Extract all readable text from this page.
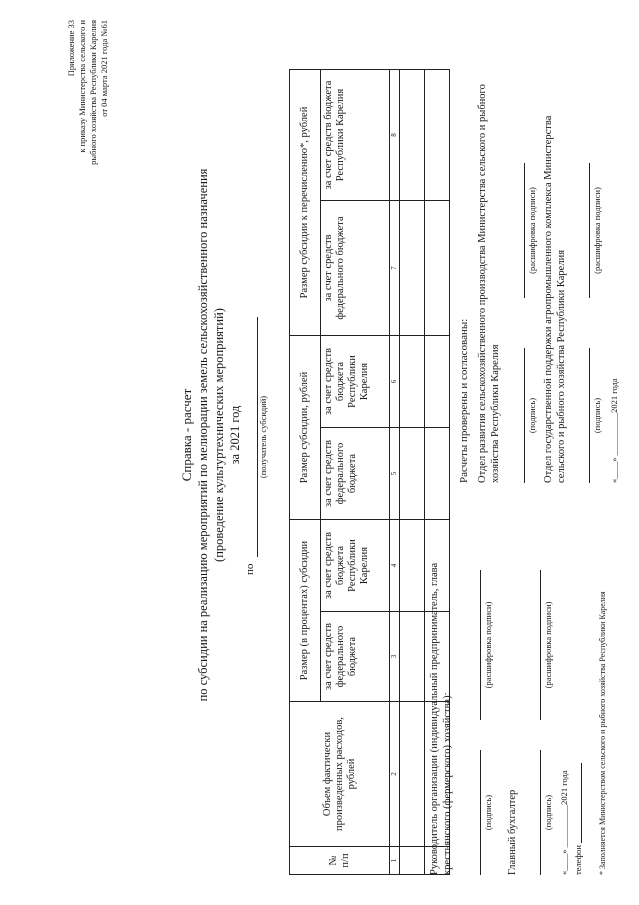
Приложение 33 к приказу Министерства сельского и рыбного хозяйства Республики Карелия от 04 марта 2021 года №61
Справка - расчет по субсидии на реализацию мероприятий по мелиорации земель сельскохозяйственного назначения (проведение культуртехнических мероприятий) за 2021 год
по
(получатель субсидий)
№ п/п	Объем фактически произведенных расходов, рублей	Размер (в процентах) субсидии		Размер субсидии, рублей		Размер субсидии к перечислению*, рублей	
		за счет средств федерального бюджета	за счет средств бюджета Республики Карелия	за счет средств федерального бюджета	за счет средств бюджета Республики Карелия	за счет средств федерального бюджета	за счет средств бюджета Республики Карелия
1	2	3	4	5	6	7	8

Расчеты проверены и согласованы: Отдел развития сельскохозяйственного производства Министерства сельского и рыбного хозяйства Республики Карелия	(подпись)
(расшифровка подписи) Отдел государственной поддержки агропромышленного комплекса Министерства сельского и рыбного хозяйства Республики Карелия	(подпись)
(расшифровка подписи)
«____» __________2021 года
* Заполняется Министерством сельского и рыбного хозяйства Республики Карелия
Руководитель организации (индивидуальный предприниматель, глава крестьянского (фермерского) хозяйства):	(подпись)
(расшифровка подписи)
Главный бухгалтер	(подпись)
(расшифровка подписи)
«____» __________2021 года телефон
